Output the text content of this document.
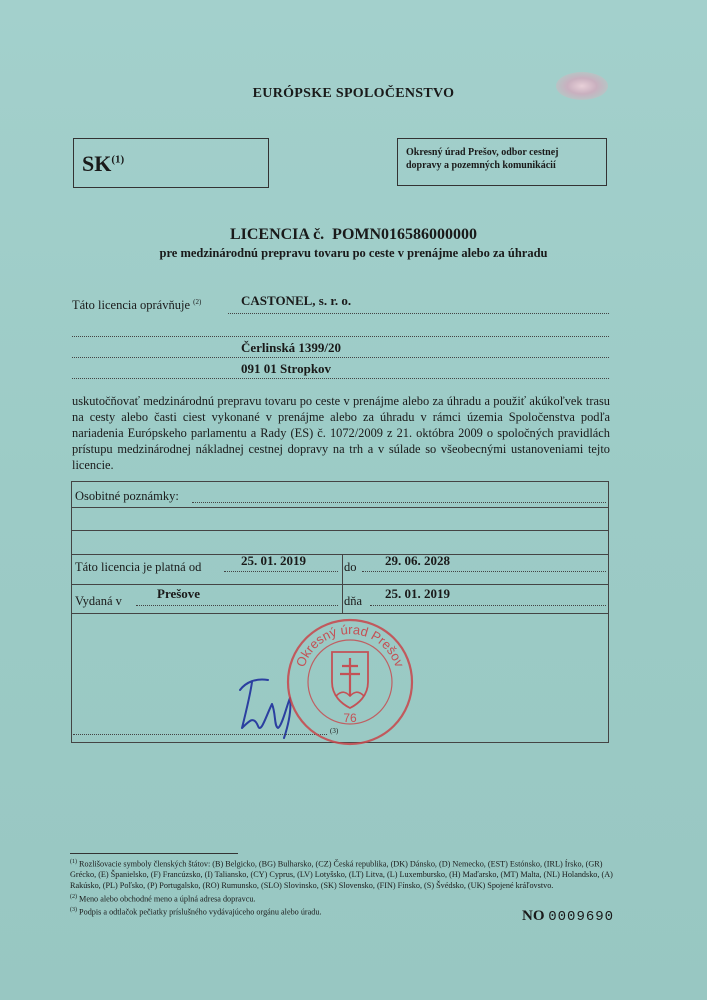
EURÓPSKE SPOLOČENSTVO
SK$^{(1)}$
Okresný úrad Prešov, odbor cestnej
dopravy a pozemných komunikácií
LICENCIA č. POMN016586000000
pre medzinárodnú prepravu tovaru po ceste v prenájme alebo za úhradu
Táto licencia oprávňuje $^{(2)}$	CASTONEL, s. r. o.
Čerlinská 1399/20
091 01 Stropkov
uskutočňovať medzinárodnú prepravu tovaru po ceste v prenájme alebo za úhradu a použiť akúkoľvek trasu na cesty alebo časti ciest vykonané v prenájme alebo za úhradu v rámci územia Spoločenstva podľa nariadenia Európskeho parlamentu a Rady (ES) č. 1072/2009 z 21. októbra 2009 o spoločných pravidlách prístupu medzinárodnej nákladnej cestnej dopravy na trh a v súlade so všeobecnými ustanoveniami tejto licencie.
Osobitné poznámky:
Táto licencia je platná od	25. 01. 2019	do 29. 06. 2028
Vydaná v	Prešove	dňa 25. 01. 2019
(3)
Okresný úrad Prešov
76

$^{(1)}$ Rozlišovacie symboly členských štátov: (B) Belgicko, (BG) Bulharsko, (CZ) Česká republika, (DK) Dánsko, (D) Nemecko, (EST) Estónsko, (IRL) Írsko, (GR) Grécko, (E) Španielsko, (F) Francúzsko, (I) Taliansko, (CY) Cyprus, (LV) Lotyšsko, (LT) Litva, (L) Luxembursko, (H) Maďarsko, (MT) Malta, (NL) Holandsko, (A) Rakúsko, (PL) Poľsko, (P) Portugalsko, (RO) Rumunsko, (SLO) Slovinsko, (SK) Slovensko, (FIN) Fínsko, (S) Švédsko, (UK) Spojené kráľovstvo.

$^{(2)}$ Meno alebo obchodné meno a úplná adresa dopravcu.

$^{(3)}$ Podpis a odtlačok pečiatky príslušného vydávajúceho orgánu alebo úradu.	NO 0009690
